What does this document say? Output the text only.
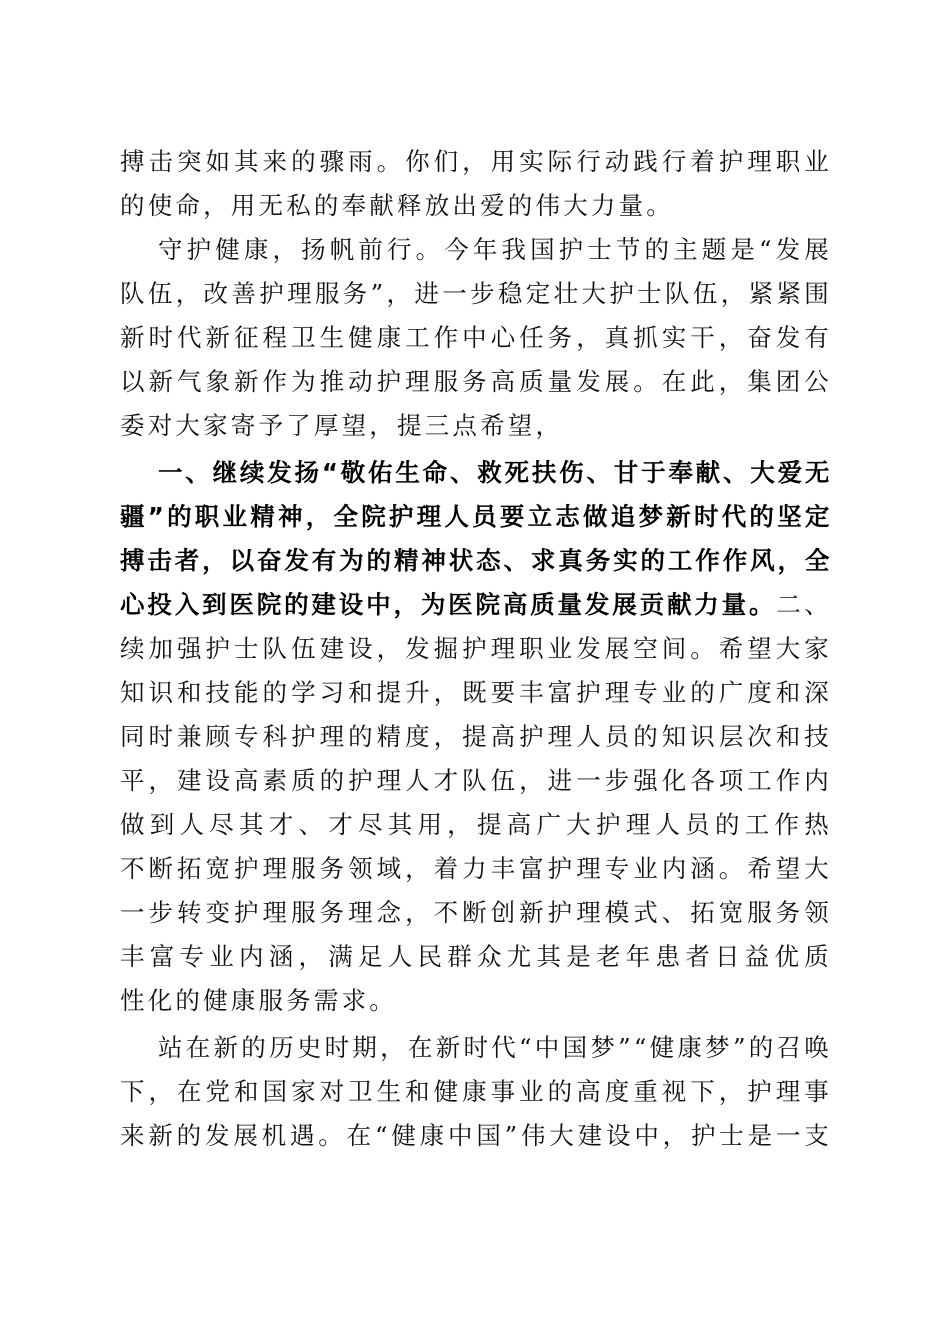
搏击突如其来的骤雨。你们，用实际行动践行着护理职业
的使命，用无私的奉献释放出爱的伟大力量。
守护健康，扬帆前行。今年我国护士节的主题是“发展
队伍，改善护理服务”，进一步稳定壮大护士队伍，紧紧围
新时代新征程卫生健康工作中心任务，真抓实干，奋发有
以新气象新作为推动护理服务高质量发展。在此，集团公
委对大家寄予了厚望，提三点希望，
一、继续发扬“敬佑生命、救死扶伤、甘于奉献、大爱无
疆”的职业精神，全院护理人员要立志做追梦新时代的坚定
搏击者，以奋发有为的精神状态、求真务实的工作作风，全
心投入到医院的建设中，为医院高质量发展贡献力量。二、
续加强护士队伍建设，发掘护理职业发展空间。希望大家
知识和技能的学习和提升，既要丰富护理专业的广度和深
同时兼顾专科护理的精度，提高护理人员的知识层次和技
平，建设高素质的护理人才队伍，进一步强化各项工作内
做到人尽其才、才尽其用，提高广大护理人员的工作热
不断拓宽护理服务领域，着力丰富护理专业内涵。希望大
一步转变护理服务理念，不断创新护理模式、拓宽服务领
丰富专业内涵，满足人民群众尤其是老年患者日益优质
性化的健康服务需求。
站在新的历史时期，在新时代“中国梦”“健康梦”的召唤
下，在党和国家对卫生和健康事业的高度重视下，护理事
来新的发展机遇。在“健康中国”伟大建设中，护士是一支
